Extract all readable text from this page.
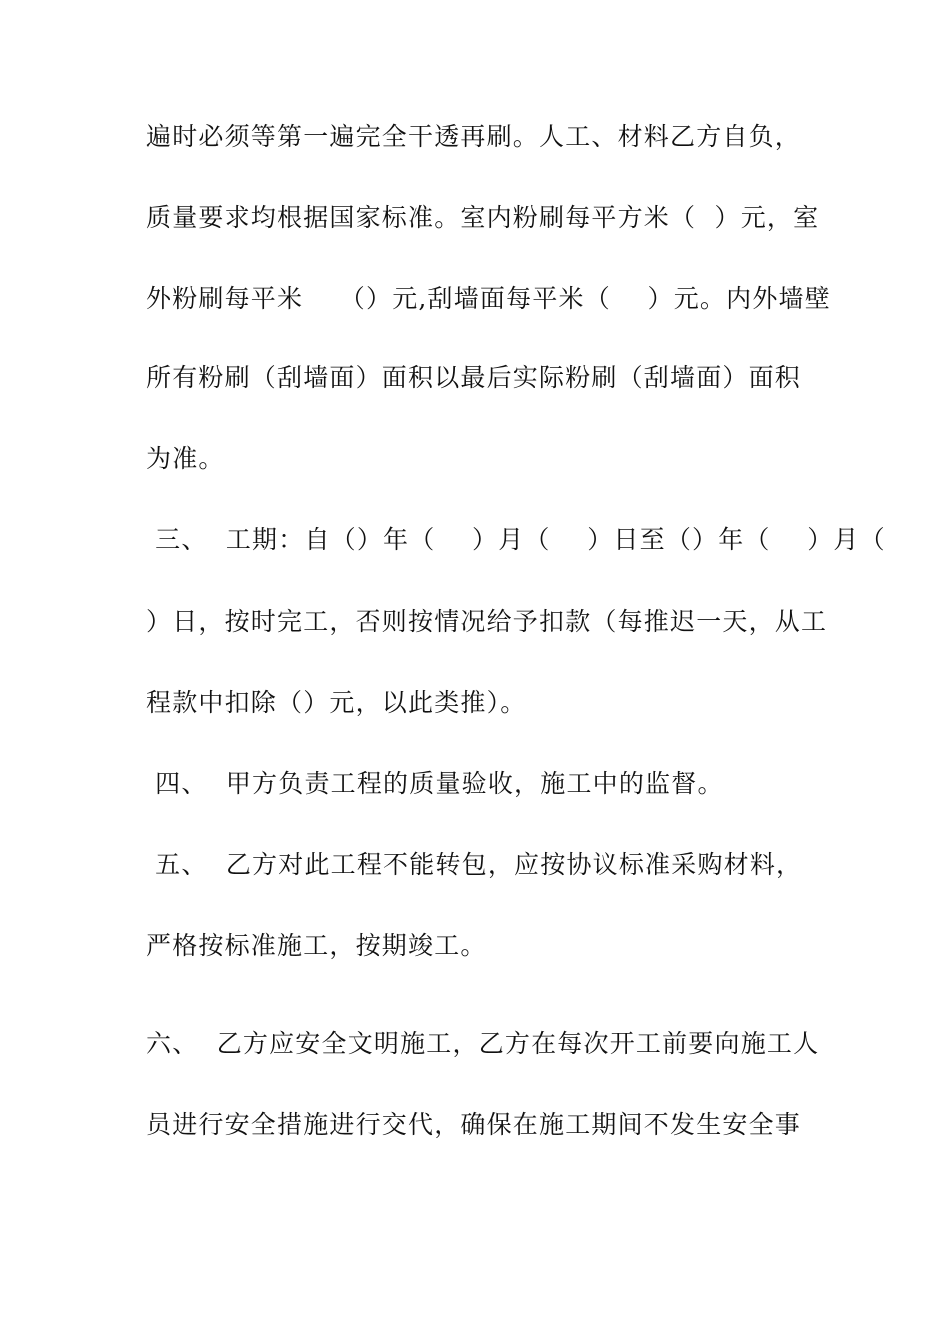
遍时必须等第一遍完全干透再刷。人工、材料乙方自负，
质量要求均根据国家标准。室内粉刷每平方米（  ）元，室
外粉刷每平米    （）元,刮墙面每平米（    ）元。内外墙壁
所有粉刷（刮墙面）面积以最后实际粉刷（刮墙面）面积
为准。
三、  工期：自（）年（    ）月（    ）日至（）年（    ）月（
）日，按时完工，否则按情况给予扣款（每推迟一天，从工
程款中扣除（）元，以此类推）。
四、  甲方负责工程的质量验收，施工中的监督。
五、  乙方对此工程不能转包，应按协议标准采购材料，
严格按标准施工，按期竣工。
六、  乙方应安全文明施工，乙方在每次开工前要向施工人
员进行安全措施进行交代，确保在施工期间不发生安全事
